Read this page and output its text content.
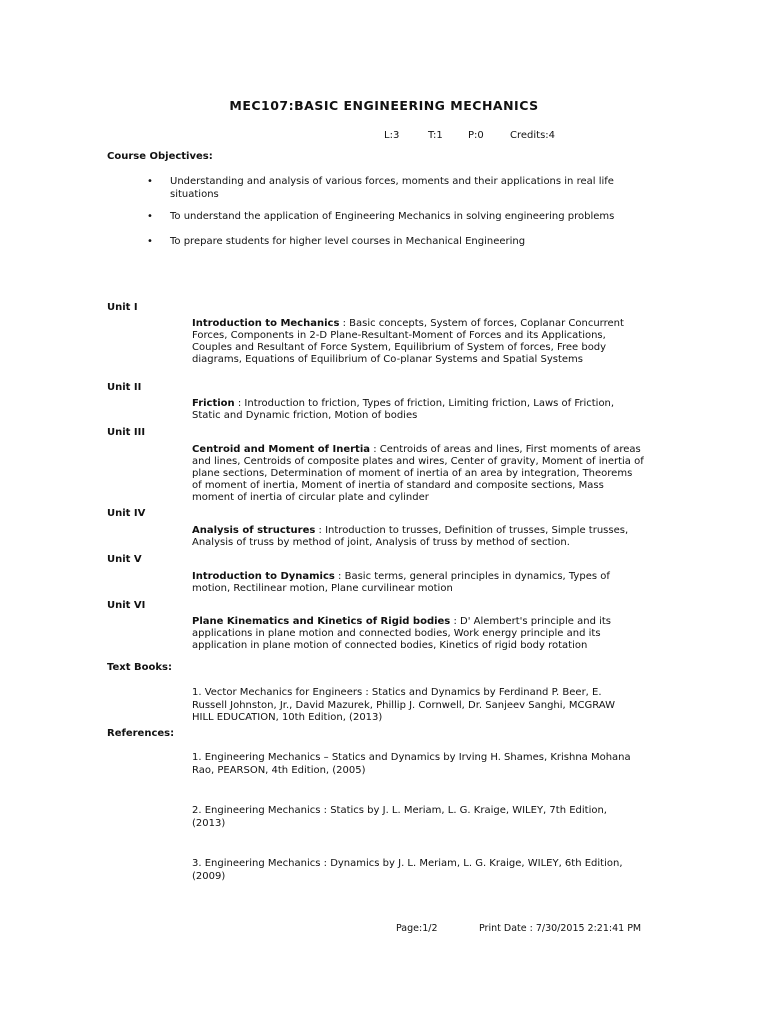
MEC107:BASIC ENGINEERING MECHANICS
L:3	T:1	P:0	Credits:4
Course Objectives:
• Understanding and analysis of various forces, moments and their applications in real life situations
• To understand the application of Engineering Mechanics in solving engineering problems
• To prepare students for higher level courses in Mechanical Engineering
Unit I
Introduction to Mechanics : Basic concepts, System of forces, Coplanar Concurrent Forces, Components in 2-D Plane-Resultant-Moment of Forces and its Applications, Couples and Resultant of Force System, Equilibrium of System of forces, Free body diagrams, Equations of Equilibrium of Co-planar Systems and Spatial Systems
Unit II
Friction : Introduction to friction, Types of friction, Limiting friction, Laws of Friction, Static and Dynamic friction, Motion of bodies
Unit III
Centroid and Moment of Inertia : Centroids of areas and lines, First moments of areas and lines, Centroids of composite plates and wires, Center of gravity, Moment of inertia of plane sections, Determination of moment of inertia of an area by integration, Theorems of moment of inertia, Moment of inertia of standard and composite sections, Mass moment of inertia of circular plate and cylinder
Unit IV
Analysis of structures : Introduction to trusses, Definition of trusses, Simple trusses, Analysis of truss by method of joint, Analysis of truss by method of section.
Unit V
Introduction to Dynamics : Basic terms, general principles in dynamics, Types of motion, Rectilinear motion, Plane curvilinear motion
Unit VI
Plane Kinematics and Kinetics of Rigid bodies : D' Alembert's principle and its applications in plane motion and connected bodies, Work energy principle and its application in plane motion of connected bodies, Kinetics of rigid body rotation
Text Books:
1. Vector Mechanics for Engineers : Statics and Dynamics by Ferdinand P. Beer, E. Russell Johnston, Jr., David Mazurek, Phillip J. Cornwell, Dr. Sanjeev Sanghi, MCGRAW HILL EDUCATION, 10th Edition, (2013)
References:
1. Engineering Mechanics – Statics and Dynamics by Irving H. Shames, Krishna Mohana Rao, PEARSON, 4th Edition, (2005)
2. Engineering Mechanics : Statics by J. L. Meriam, L. G. Kraige, WILEY, 7th Edition, (2013)
3. Engineering Mechanics : Dynamics by J. L. Meriam, L. G. Kraige, WILEY, 6th Edition, (2009)
Page:1/2	Print Date : 7/30/2015 2:21:41 PM
